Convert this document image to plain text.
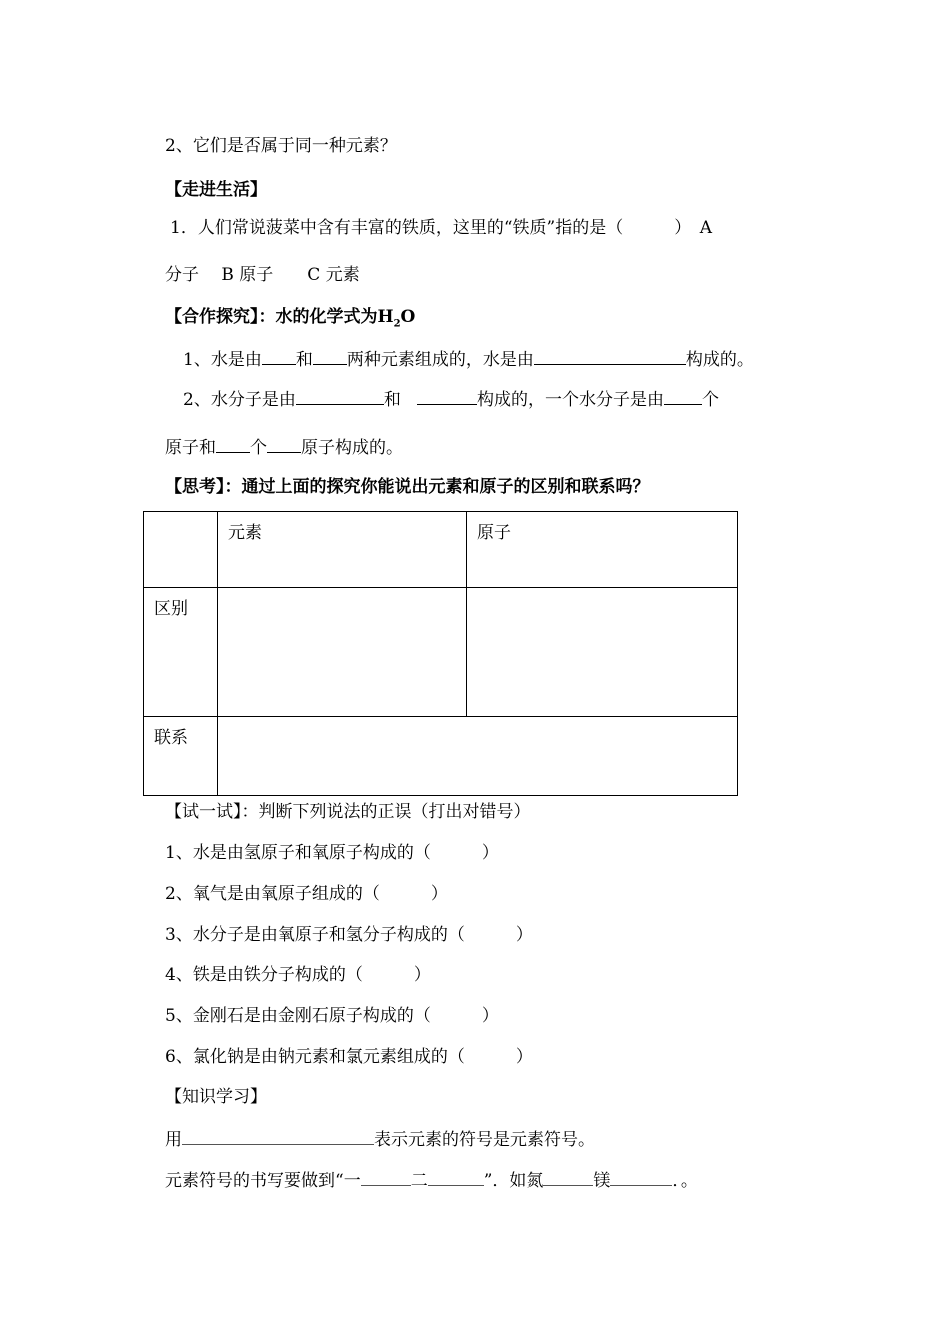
2、它们是否属于同一种元素？
【走进生活】
1．人们常说菠菜中含有丰富的铁质，这里的“铁质”指的是（　　　）　A
分子　 B 原子　　C 元素
【合作探究】：水的化学式为$H_2O$
1、水是由 和 两种元素组成的，水是由	构成的。
2、水分子是由	和	构成的，一个水分子是由 个
原子和 个 原子构成的。
【思考】：通过上面的探究你能说出元素和原子的区别和联系吗？
	元素	原子
区别		
联系		
【试一试】：判断下列说法的正误（打出对错号）
1、水是由氢原子和氧原子构成的（　　　）
2、氧气是由氧原子组成的（　　　）
3、水分子是由氧原子和氢分子构成的（　　　）
4、铁是由铁分子构成的（　　　）
5、金刚石是由金刚石原子构成的（　　　）
6、氯化钠是由钠元素和氯元素组成的（　　　）
【知识学习】
用	表示元素的符号是元素符号。
元素符号的书写要做到“一	二	”．如氮	镁	．。
